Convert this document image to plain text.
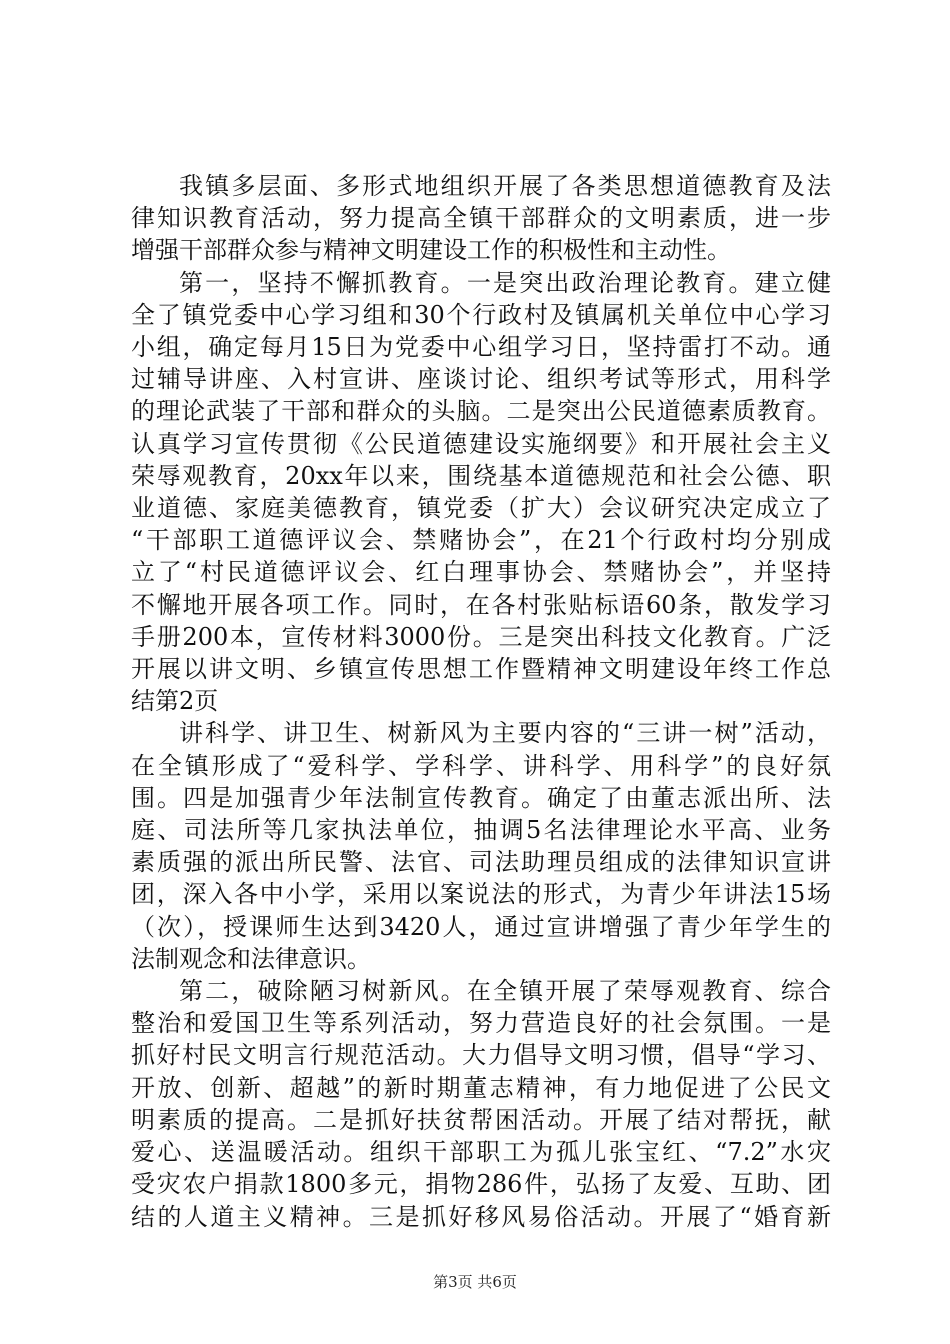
我镇多层面、多形式地组织开展了各类思想道德教育及法
律知识教育活动，努力提高全镇干部群众的文明素质，进一步
增强干部群众参与精神文明建设工作的积极性和主动性。
第一，坚持不懈抓教育。一是突出政治理论教育。建立健
全了镇党委中心学习组和30个行政村及镇属机关单位中心学习
小组，确定每月15日为党委中心组学习日，坚持雷打不动。通
过辅导讲座、入村宣讲、座谈讨论、组织考试等形式，用科学
的理论武装了干部和群众的头脑。二是突出公民道德素质教育。
认真学习宣传贯彻《公民道德建设实施纲要》和开展社会主义
荣辱观教育，20xx年以来，围绕基本道德规范和社会公德、职
业道德、家庭美德教育，镇党委（扩大）会议研究决定成立了
“干部职工道德评议会、禁赌协会”，在21个行政村均分别成
立了“村民道德评议会、红白理事协会、禁赌协会”，并坚持
不懈地开展各项工作。同时，在各村张贴标语60条，散发学习
手册200本，宣传材料3000份。三是突出科技文化教育。广泛
开展以讲文明、乡镇宣传思想工作暨精神文明建设年终工作总
结第2页
讲科学、讲卫生、树新风为主要内容的“三讲一树”活动，
在全镇形成了“爱科学、学科学、讲科学、用科学”的良好氛
围。四是加强青少年法制宣传教育。确定了由董志派出所、法
庭、司法所等几家执法单位，抽调5名法律理论水平高、业务
素质强的派出所民警、法官、司法助理员组成的法律知识宣讲
团，深入各中小学，采用以案说法的形式，为青少年讲法15场
（次），授课师生达到3420人，通过宣讲增强了青少年学生的
法制观念和法律意识。
第二，破除陋习树新风。在全镇开展了荣辱观教育、综合
整治和爱国卫生等系列活动，努力营造良好的社会氛围。一是
抓好村民文明言行规范活动。大力倡导文明习惯，倡导“学习、
开放、创新、超越”的新时期董志精神，有力地促进了公民文
明素质的提高。二是抓好扶贫帮困活动。开展了结对帮抚，献
爱心、送温暖活动。组织干部职工为孤儿张宝红、“7.2”水灾
受灾农户捐款1800多元，捐物286件，弘扬了友爱、互助、团
结的人道主义精神。三是抓好移风易俗活动。开展了“婚育新
第3页 共6页
